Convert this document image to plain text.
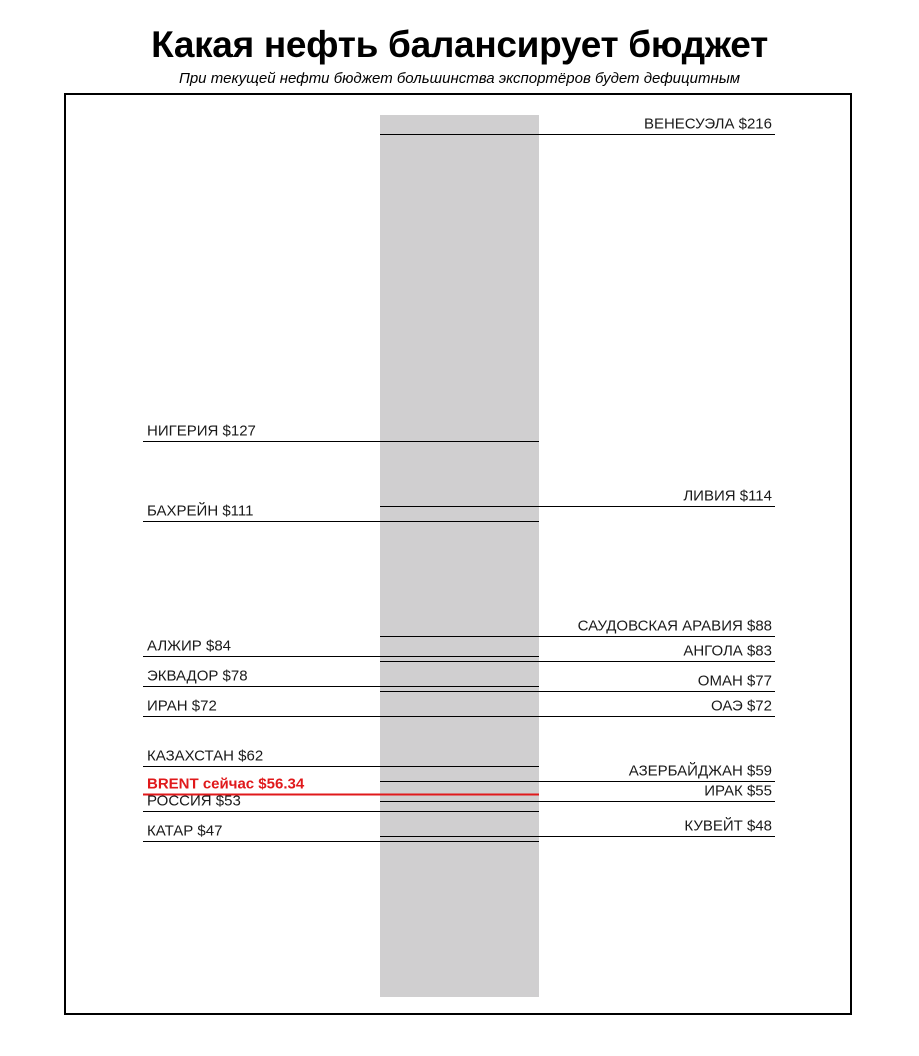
Какая нефть балансирует бюджет
При текущей нефти бюджет большинства экспортёров будет дефицитным
НИГЕРИЯ $127
БАХРЕЙН $111
АЛЖИР $84
ЭКВАДОР $78
ИРАН $72
КАЗАХСТАН $62
РОССИЯ $53
КАТАР $47
ВЕНЕСУЭЛА $216
ЛИВИЯ $114
САУДОВСКАЯ АРАВИЯ $88
АНГОЛА $83
ОМАН $77
ОАЭ $72
АЗЕРБАЙДЖАН $59
ИРАК $55
КУВЕЙТ $48
BRENT сейчас $56.34
